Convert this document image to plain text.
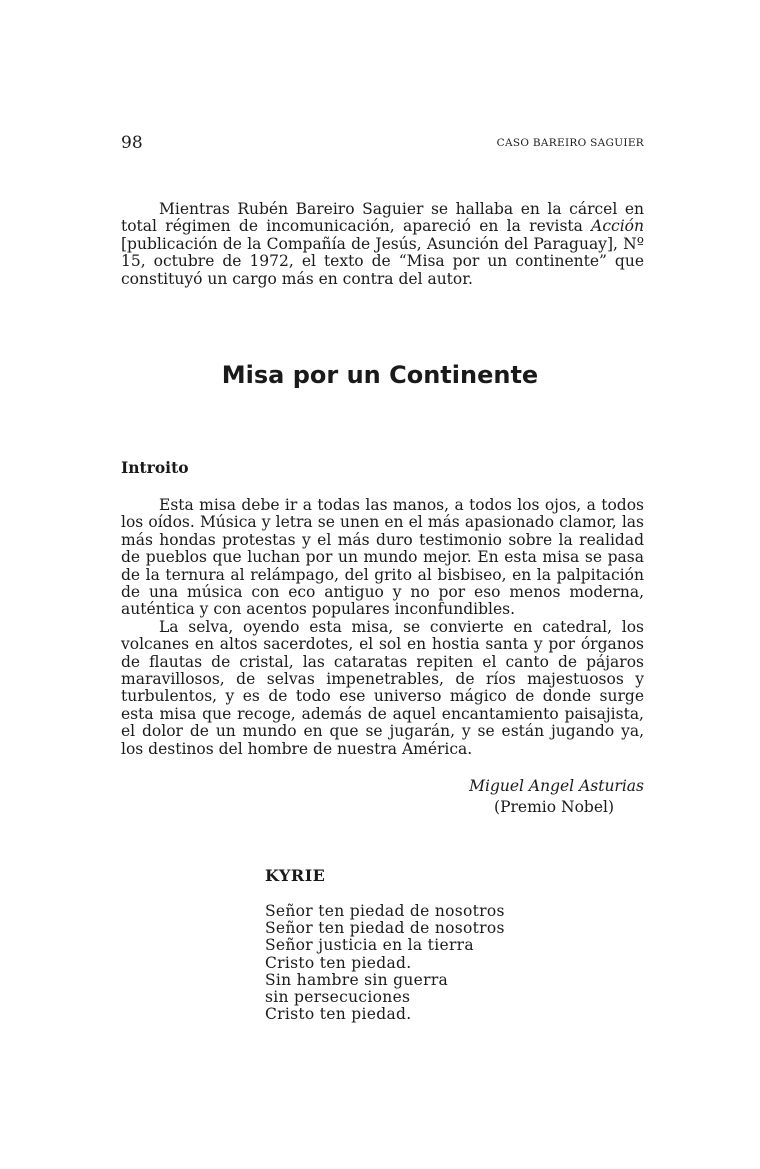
98	CASO BAREIRO SAGUIER

Mientras Rubén Bareiro Saguier se hallaba en la cárcel en total régimen de incomunicación, apareció en la revista Acción [publicación de la Compañía de Jesús, Asunción del Paraguay], Nº 15, octubre de 1972, el texto de “Misa por un continente” que constituyó un cargo más en contra del autor.

Misa por un Continente
Introito

Esta misa debe ir a todas las manos, a todos los ojos, a todos los oídos. Música y letra se unen en el más apasionado clamor, las más hondas protestas y el más duro testimonio sobre la realidad de pueblos que luchan por un mundo mejor. En esta misa se pasa de la ternura al relámpago, del grito al bisbiseo, en la palpitación de una música con eco antiguo y no por eso menos moderna, auténtica y con acentos populares inconfundibles.

La selva, oyendo esta misa, se convierte en catedral, los volcanes en altos sacerdotes, el sol en hostia santa y por órganos de flautas de cristal, las cataratas repiten el canto de pájaros maravillosos, de selvas impenetrables, de ríos majestuosos y turbulentos, y es de todo ese universo mágico de donde surge esta misa que recoge, además de aquel encantamiento paisajista, el dolor de un mundo en que se jugarán, y se están jugando ya, los destinos del hombre de nuestra América.

Miguel Angel Asturias
(Premio Nobel)
KYRIE
Señor ten piedad de nosotros
Señor ten piedad de nosotros
Señor justicia en la tierra
Cristo ten piedad.
Sin hambre sin guerra
sin persecuciones
Cristo ten piedad.
